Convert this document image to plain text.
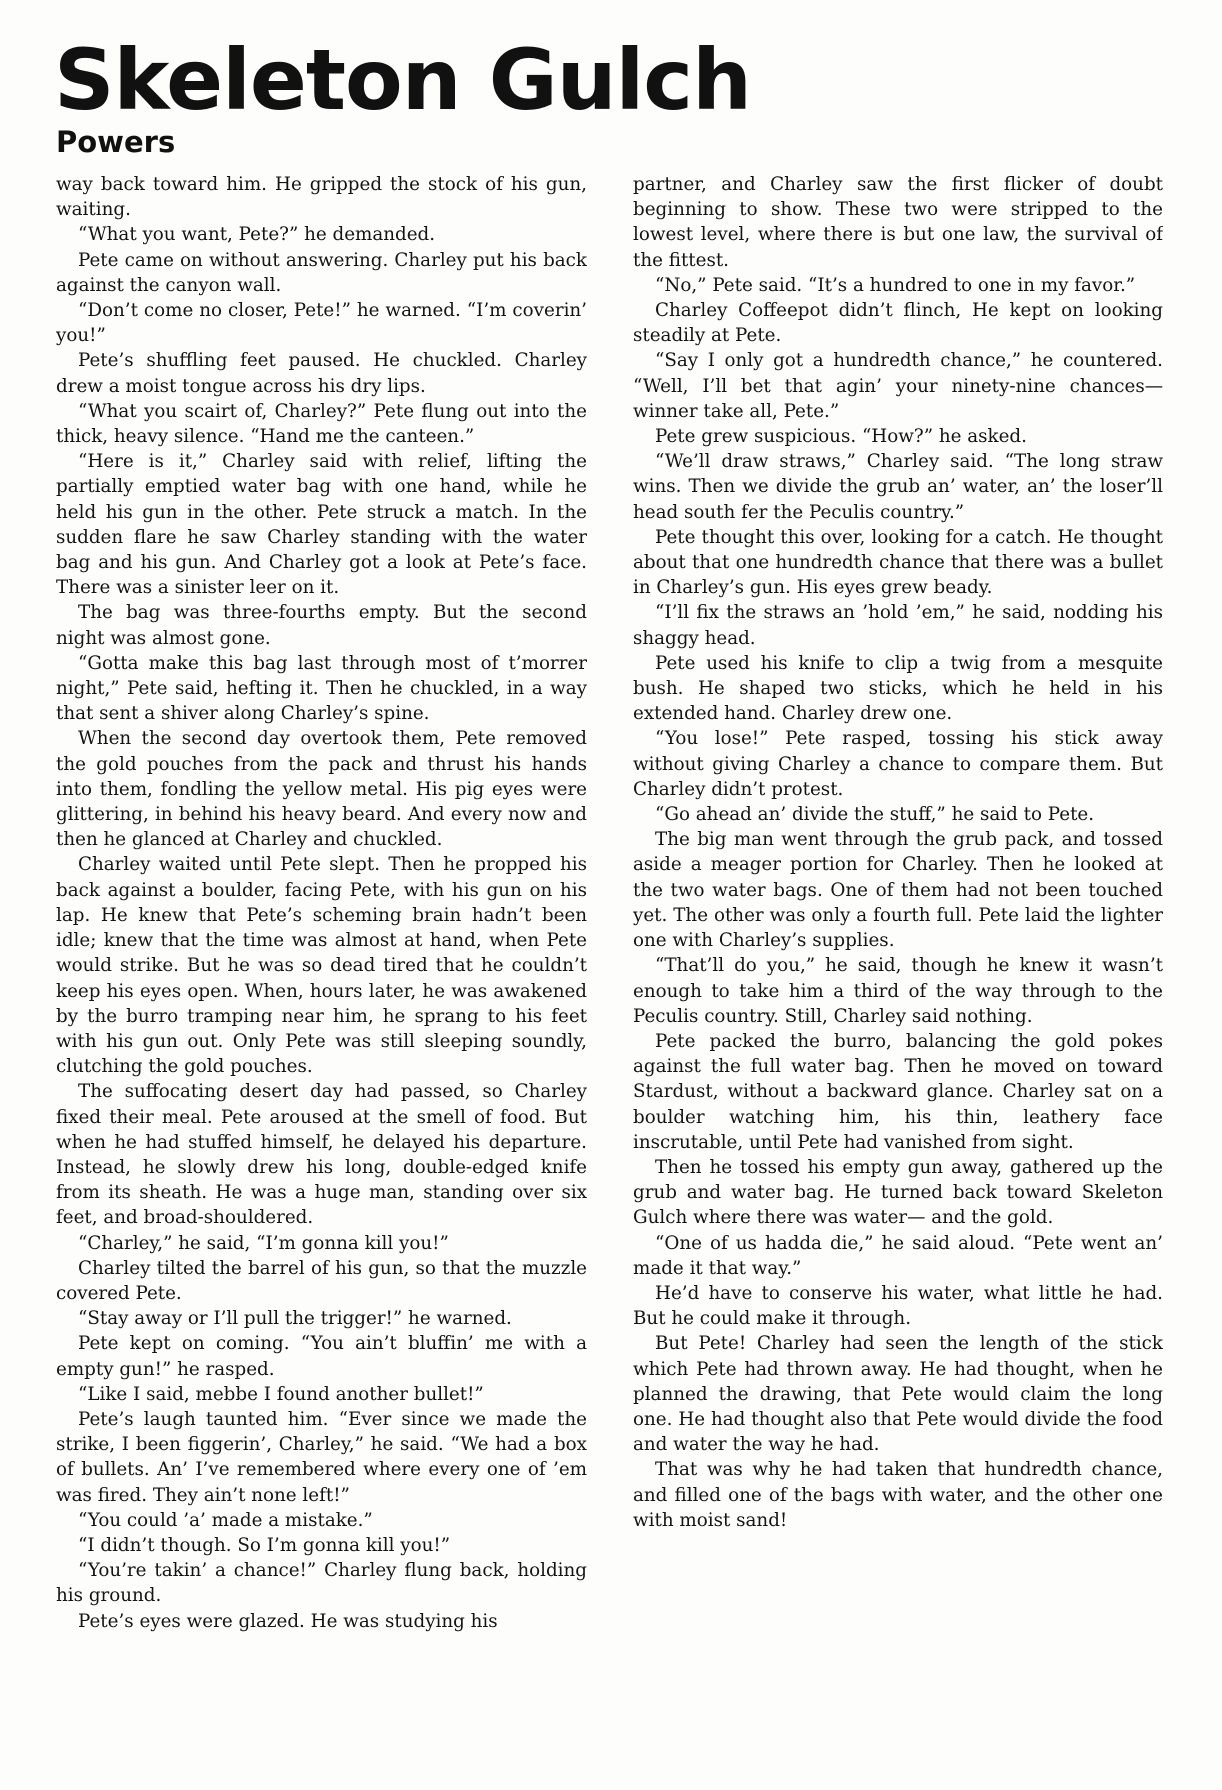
Skeleton Gulch
Powers

way back toward him. He gripped the stock of his gun, waiting.

“What you want, Pete?” he demanded.

Pete came on without answering. Charley put his back against the canyon wall.

“Don’t come no closer, Pete!” he warned. “I’m coverin’ you!”

Pete’s shuffling feet paused. He chuckled. Charley drew a moist tongue across his dry lips.

“What you scairt of, Charley?” Pete flung out into the thick, heavy silence. “Hand me the canteen.”

“Here is it,” Charley said with relief, lifting the partially emptied water bag with one hand, while he held his gun in the other. Pete struck a match. In the sudden flare he saw Charley standing with the water bag and his gun. And Charley got a look at Pete’s face. There was a sinister leer on it.

The bag was three-fourths empty. But the second night was almost gone.

“Gotta make this bag last through most of t’morrer night,” Pete said, hefting it. Then he chuckled, in a way that sent a shiver along Charley’s spine.

When the second day overtook them, Pete removed the gold pouches from the pack and thrust his hands into them, fondling the yellow metal. His pig eyes were glittering, in behind his heavy beard. And every now and then he glanced at Charley and chuckled.

Charley waited until Pete slept. Then he propped his back against a boulder, facing Pete, with his gun on his lap. He knew that Pete’s scheming brain hadn’t been idle; knew that the time was almost at hand, when Pete would strike. But he was so dead tired that he couldn’t keep his eyes open. When, hours later, he was awakened by the burro tramping near him, he sprang to his feet with his gun out. Only Pete was still sleeping soundly, clutching the gold pouches.

The suffocating desert day had passed, so Charley fixed their meal. Pete aroused at the smell of food. But when he had stuffed himself, he delayed his departure. Instead, he slowly drew his long, double-edged knife from its sheath. He was a huge man, standing over six feet, and broad-shouldered.

“Charley,” he said, “I’m gonna kill you!”

Charley tilted the barrel of his gun, so that the muzzle covered Pete.

“Stay away or I’ll pull the trigger!” he warned.

Pete kept on coming. “You ain’t bluffin’ me with a empty gun!” he rasped.

“Like I said, mebbe I found another bullet!”

Pete’s laugh taunted him. “Ever since we made the strike, I been figgerin’, Charley,” he said. “We had a box of bullets. An’ I’ve remembered where every one of ’em was fired. They ain’t none left!”

“You could ’a’ made a mistake.”

“I didn’t though. So I’m gonna kill you!”

“You’re takin’ a chance!” Charley flung back, holding his ground.

Pete’s eyes were glazed. He was studying his

partner, and Charley saw the first flicker of doubt beginning to show. These two were stripped to the lowest level, where there is but one law, the survival of the fittest.

“No,” Pete said. “It’s a hundred to one in my favor.”

Charley Coffeepot didn’t flinch, He kept on looking steadily at Pete.

“Say I only got a hundredth chance,” he countered. “Well, I’ll bet that agin’ your ninety-nine chances— winner take all, Pete.”

Pete grew suspicious. “How?” he asked.

“We’ll draw straws,” Charley said. “The long straw wins. Then we divide the grub an’ water, an’ the loser’ll head south fer the Peculis country.”

Pete thought this over, looking for a catch. He thought about that one hundredth chance that there was a bullet in Charley’s gun. His eyes grew beady.

“I’ll fix the straws an ’hold ’em,” he said, nodding his shaggy head.

Pete used his knife to clip a twig from a mesquite bush. He shaped two sticks, which he held in his extended hand. Charley drew one.

“You lose!” Pete rasped, tossing his stick away without giving Charley a chance to compare them. But Charley didn’t protest.

“Go ahead an’ divide the stuff,” he said to Pete.

The big man went through the grub pack, and tossed aside a meager portion for Charley. Then he looked at the two water bags. One of them had not been touched yet. The other was only a fourth full. Pete laid the lighter one with Charley’s supplies.

“That’ll do you,” he said, though he knew it wasn’t enough to take him a third of the way through to the Peculis country. Still, Charley said nothing.

Pete packed the burro, balancing the gold pokes against the full water bag. Then he moved on toward Stardust, without a backward glance. Charley sat on a boulder watching him, his thin, leathery face inscrutable, until Pete had vanished from sight.

Then he tossed his empty gun away, gathered up the grub and water bag. He turned back toward Skeleton Gulch where there was water— and the gold.

“One of us hadda die,” he said aloud. “Pete went an’ made it that way.”

He’d have to conserve his water, what little he had. But he could make it through.

But Pete! Charley had seen the length of the stick which Pete had thrown away. He had thought, when he planned the drawing, that Pete would claim the long one. He had thought also that Pete would divide the food and water the way he had.

That was why he had taken that hundredth chance, and filled one of the bags with water, and the other one with moist sand!
